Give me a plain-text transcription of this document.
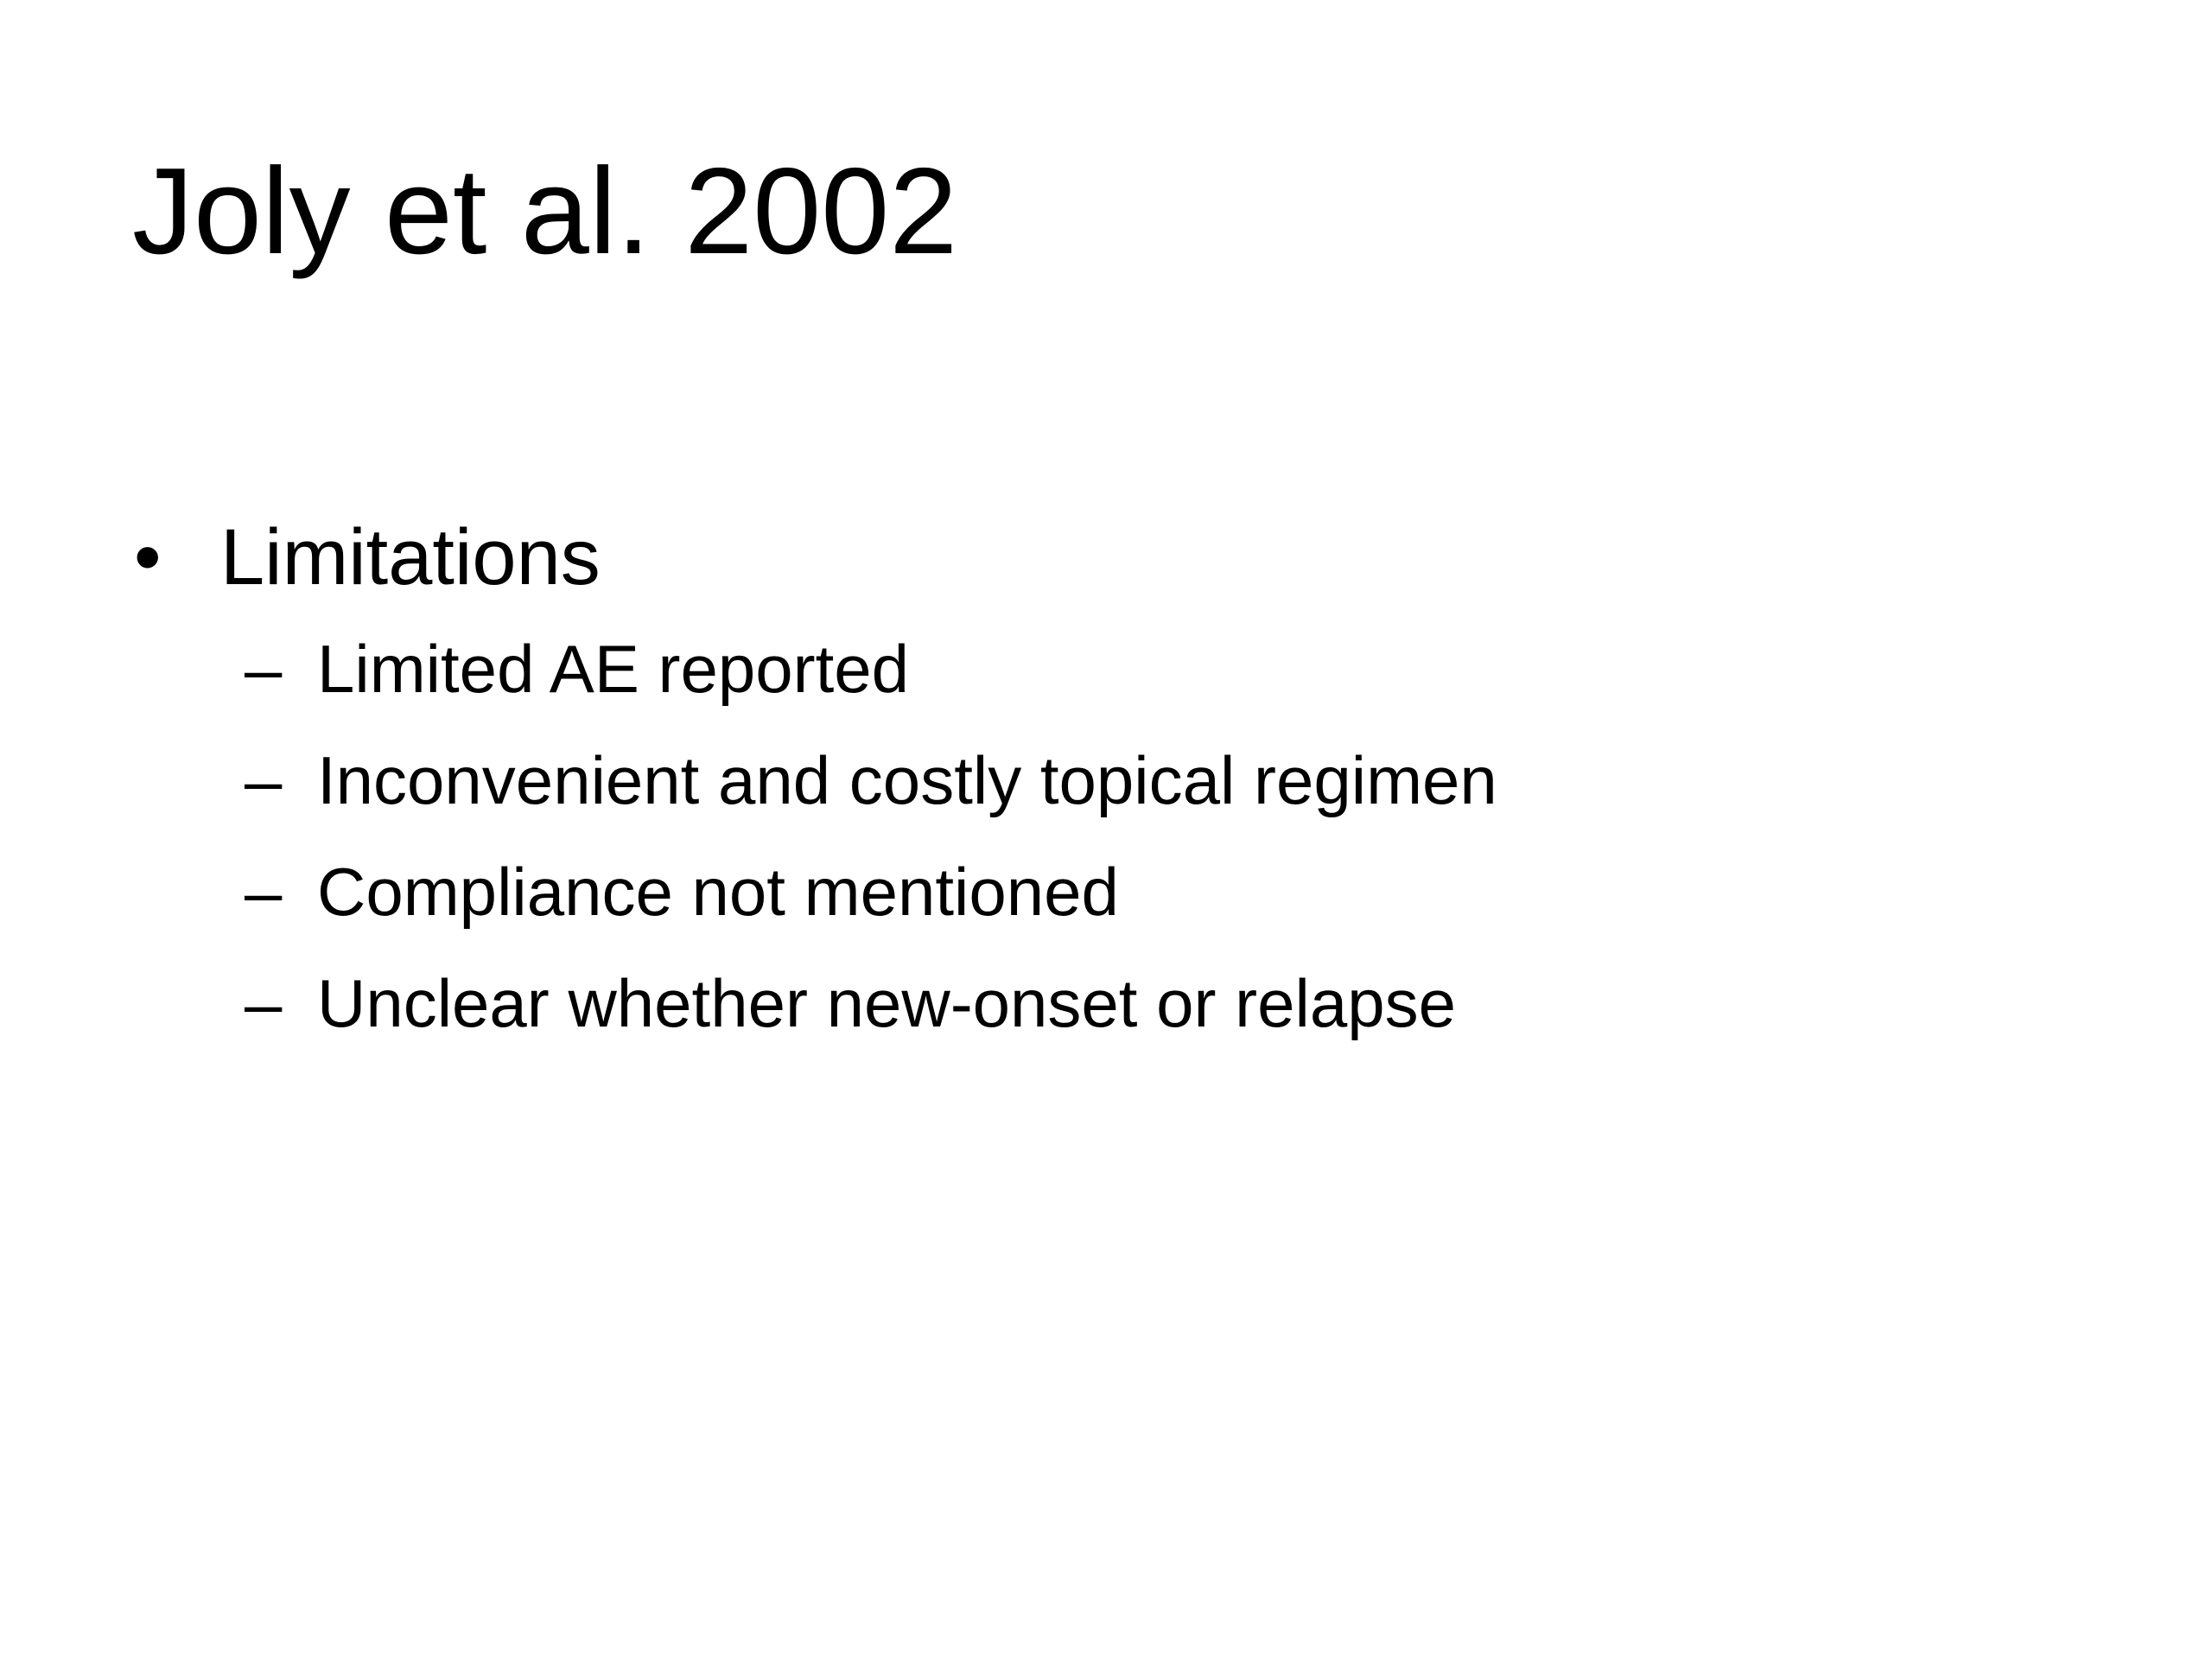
Joly et al. 2002
• Limitations
– Limited AE reported
– Inconvenient and costly topical regimen
– Compliance not mentioned
– Unclear whether new-onset or relapse
